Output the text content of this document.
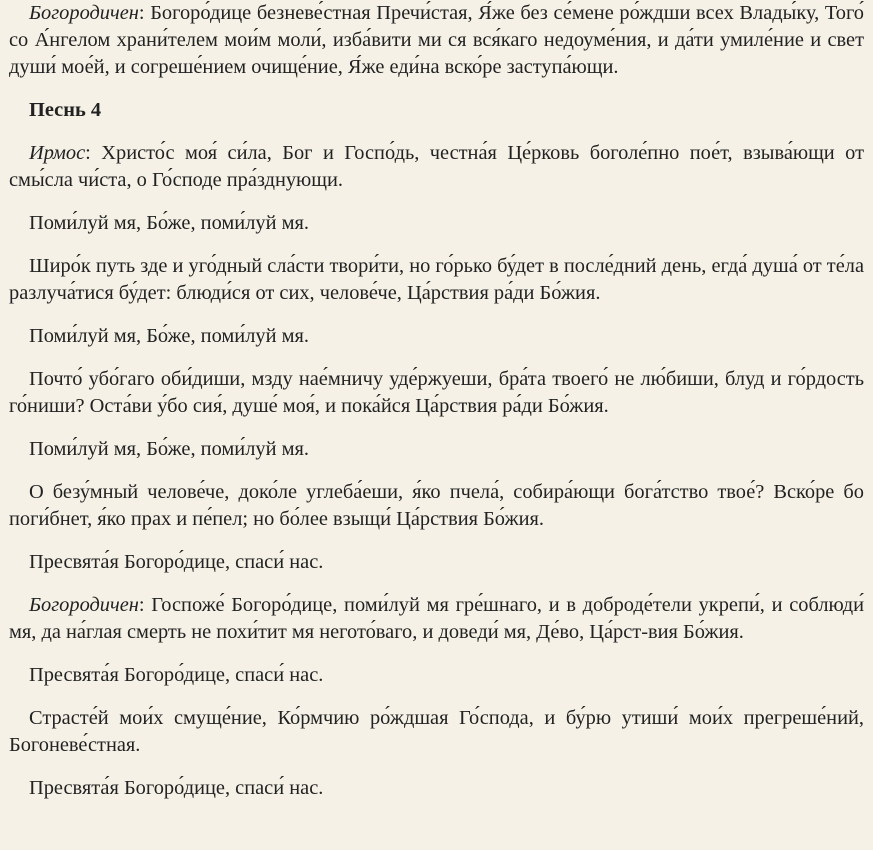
Богородичен: Богоро́дице безневе́стная Пречи́стая, Я́же без се́мене ро́ждши всех Влады́ку, Того́ со А́нгелом храни́телем мои́м моли́, изба́вити ми ся вся́каго недоуме́ния, и да́ти умиле́ние и свет души́ мое́й, и согреше́нием очище́ние, Я́же еди́на вско́ре заступа́ющи.

Песнь 4

Ирмос: Христо́с моя́ си́ла, Бог и Госпо́дь, честна́я Це́рковь боголе́пно пое́т, взыва́ющи от смы́сла чи́ста, о Го́споде пра́зднующи.

Поми́луй мя, Бо́же, поми́луй мя.

Широ́к путь зде и уго́дный сла́сти твори́ти, но го́рько бу́дет в после́дний день, егда́ душа́ от те́ла разлуча́тися бу́дет: блюди́ся от сих, челове́че, Ца́рствия ра́ди Бо́жия.

Поми́луй мя, Бо́же, поми́луй мя.

Почто́ убо́гаго оби́диши, мзду нае́мничу уде́ржуеши, бра́та твоего́ не лю́биши, блуд и го́рдость го́ниши? Оста́ви у́бо сия́, душе́ моя́, и пока́йся Ца́рствия ра́ди Бо́жия.

Поми́луй мя, Бо́же, поми́луй мя.

О безу́мный челове́че, доко́ле углеба́еши, я́ко пчела́, собира́ющи бога́тство твое́? Вско́ре бо поги́бнет, я́ко прах и пе́пел; но бо́лее взыщи́ Ца́рствия Бо́жия.

Пресвята́я Богоро́дице, спаси́ нас.

Богородичен: Госпоже́ Богоро́дице, поми́луй мя гре́шнаго, и в доброде́тели укрепи́, и соблюди́ мя, да на́глая смерть не похи́тит мя негото́ваго, и доведи́ мя, Де́во, Ца́рст-вия Бо́жия.

Пресвята́я Богоро́дице, спаси́ нас.

Страсте́й мои́х смуще́ние, Ко́рмчию ро́ждшая Го́спода, и бу́рю утиши́ мои́х прегреше́ний, Богоневе́стная.

Пресвята́я Богоро́дице, спаси́ нас.
